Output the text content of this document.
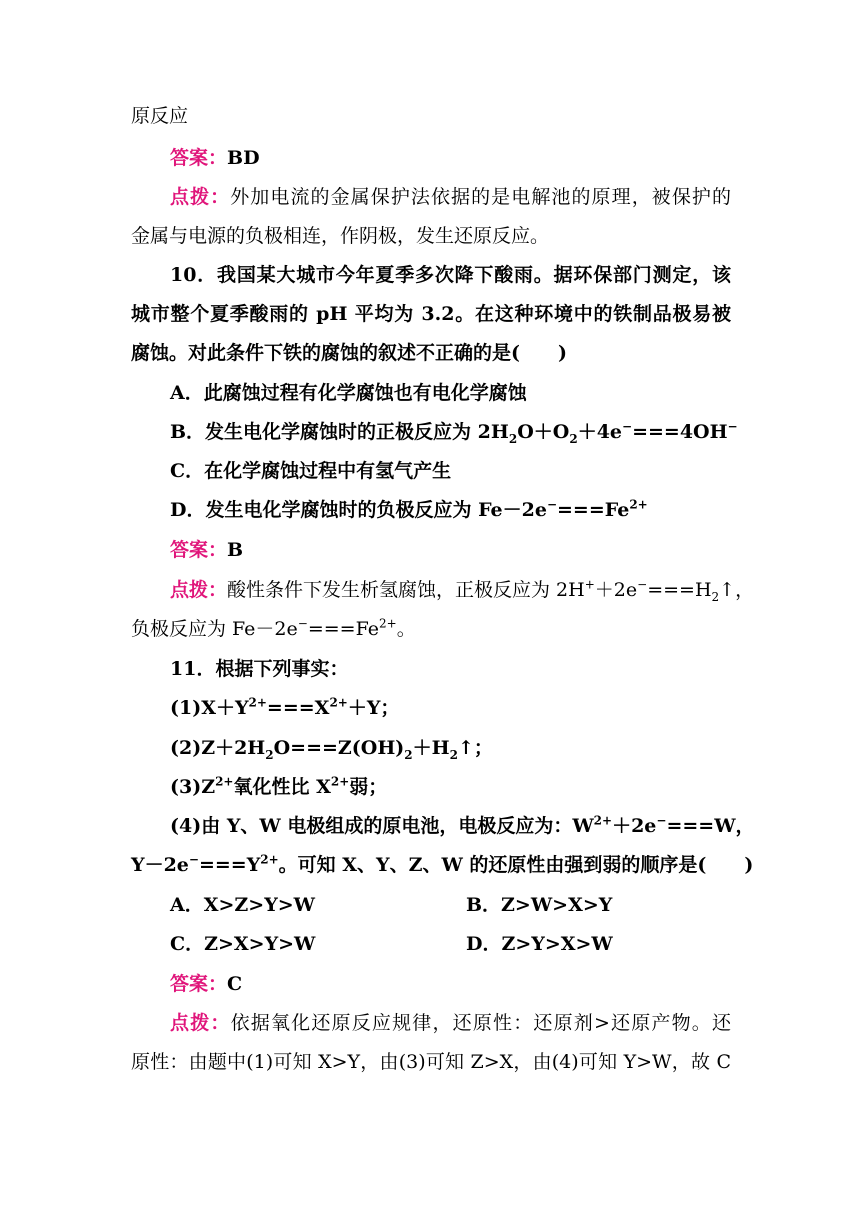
原反应
答案：BD
点拨：外加电流的金属保护法依据的是电解池的原理，被保护的
金属与电源的负极相连，作阴极，发生还原反应。
10．我国某大城市今年夏季多次降下酸雨。据环保部门测定，该
城市整个夏季酸雨的 pH 平均为 3.2。在这种环境中的铁制品极易被
腐蚀。对此条件下铁的腐蚀的叙述不正确的是(　　)
A．此腐蚀过程有化学腐蚀也有电化学腐蚀
B．发生电化学腐蚀时的正极反应为 $2H_2O+O_2+4e^-===4OH^-$
C．在化学腐蚀过程中有氢气产生
D．发生电化学腐蚀时的负极反应为 $Fe-2e^-===Fe^{2+}$
答案：B
点拨：酸性条件下发生析氢腐蚀，正极反应为 $2H^++2e^-===H_2↑$，
负极反应为 $Fe-2e^-===Fe^{2+}$。
11．根据下列事实：
$(1)X+Y^{2+}===X^{2+}+Y$；
$(2)Z+2H_2O===Z(OH)_2+H_2↑$；
$(3)Z^{2+}$氧化性比 $X^{2+}$弱；
(4)由 Y、W 电极组成的原电池，电极反应为：$W^{2+}+2e^-===W$，
$Y-2e^-===Y^{2+}$。可知 X、Y、Z、W 的还原性由强到弱的顺序是(　　)
A．X>Z>Y>W	B．Z>W>X>Y
C．Z>X>Y>W	D．Z>Y>X>W
答案：C
点拨：依据氧化还原反应规律，还原性：还原剂>还原产物。还
原性：由题中(1)可知 X>Y，由(3)可知 Z>X，由(4)可知 Y>W，故 C
